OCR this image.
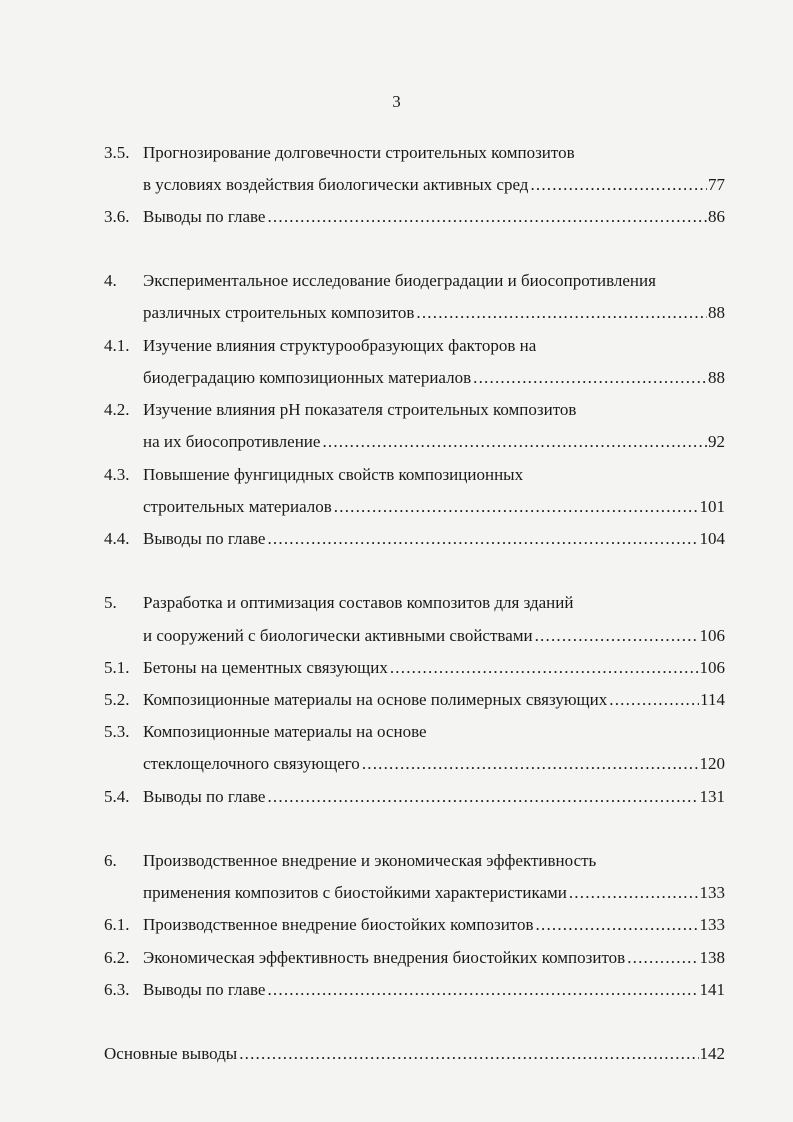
3
3.5. Прогнозирование долговечности строительных композитов
в условиях воздействия биологически активных сред .....	77
3.6. Выводы по главе .....	86
4. Экспериментальное исследование биодеградации и биосопротивления
различных строительных композитов .....	88
4.1. Изучение влияния структурообразующих факторов на
биодеградацию композиционных материалов .....	88
4.2. Изучение влияния pH показателя строительных композитов
на их биосопротивление .....	92
4.3. Повышение фунгицидных свойств композиционных
строительных материалов .....	101
4.4. Выводы по главе .....	104
5. Разработка и оптимизация составов композитов для зданий
и сооружений с биологически активными свойствами .....	106
5.1. Бетоны на цементных связующих .....	106
5.2. Композиционные материалы на основе полимерных связующих .....	114
5.3. Композиционные материалы на основе
стеклощелочного связующего .....	120
5.4. Выводы по главе .....	131
6. Производственное внедрение и экономическая эффективность
применения композитов с биостойкими характеристиками .....	133
6.1. Производственное внедрение биостойких композитов .....	133
6.2. Экономическая эффективность внедрения биостойких композитов .....	138
6.3. Выводы по главе .....	141
Основные выводы .....	142
